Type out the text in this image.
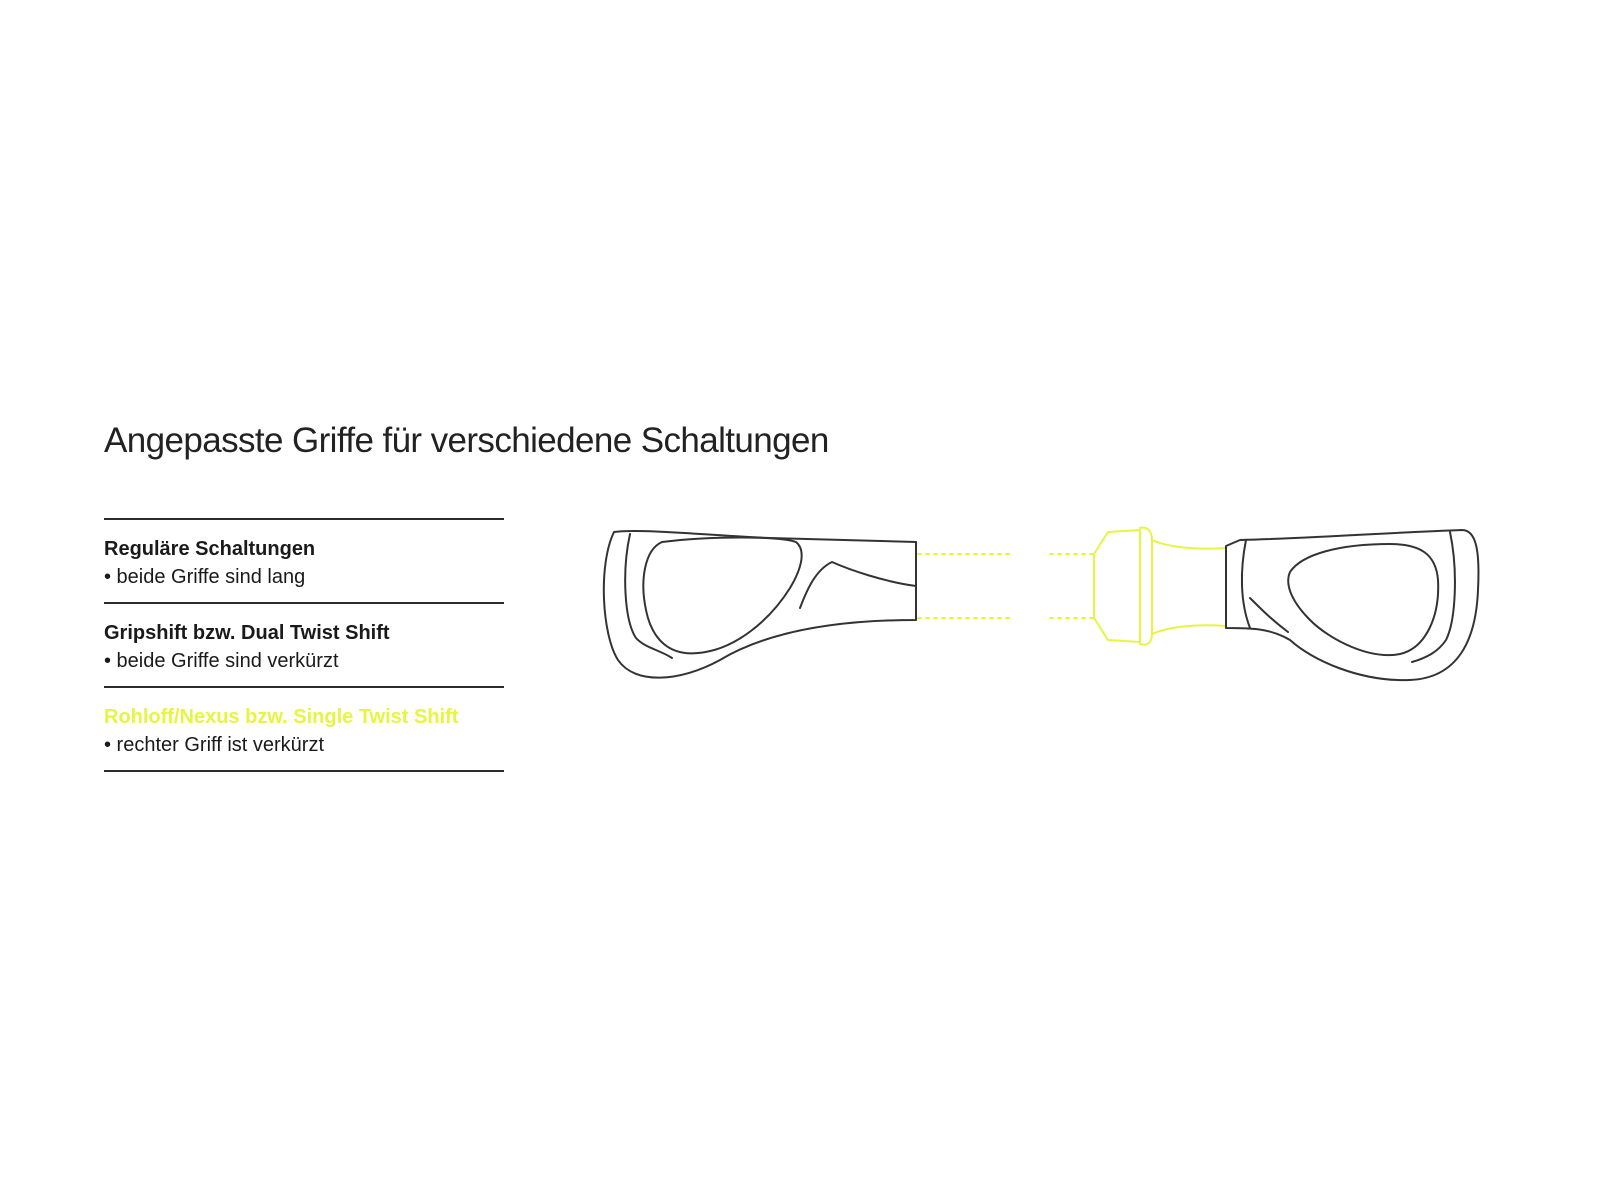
Angepasste Griffe für verschiedene Schaltungen
Reguläre Schaltungen
• beide Griffe sind lang
Gripshift bzw. Dual Twist Shift
• beide Griffe sind verkürzt
Rohloff/Nexus bzw. Single Twist Shift
• rechter Griff ist verkürzt
